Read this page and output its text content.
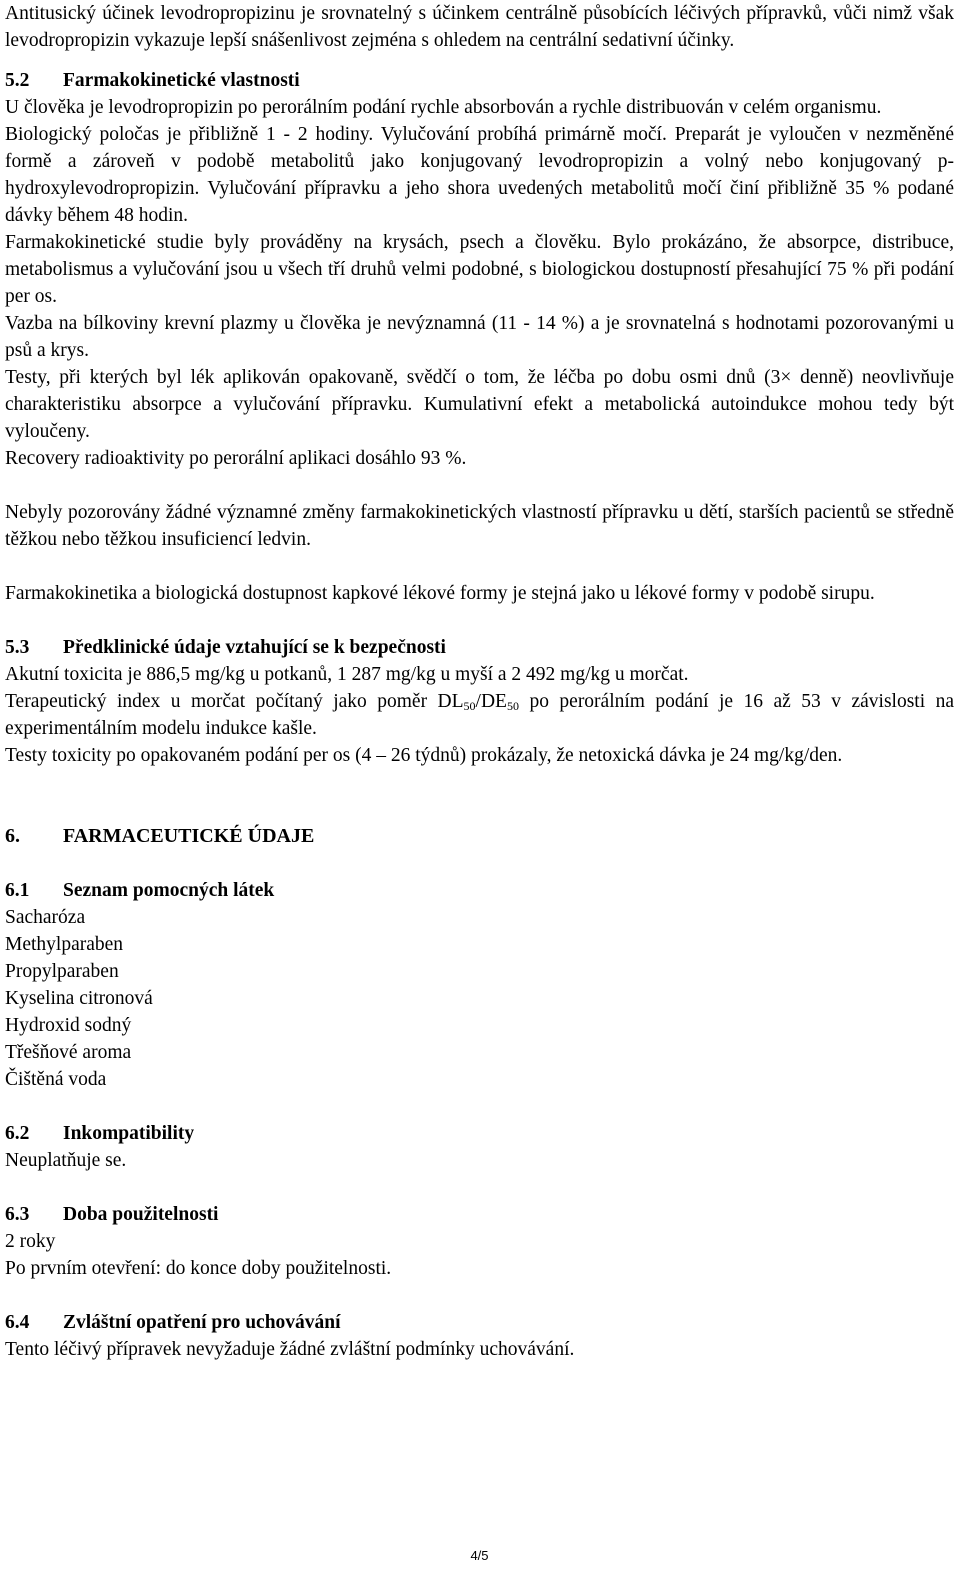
Antitusický účinek levodropropizinu je srovnatelný s účinkem centrálně působících léčivých přípravků, vůči nimž však levodropropizin vykazuje lepší snášenlivost zejména s ohledem na centrální sedativní účinky.

5.2 Farmakokinetické vlastnosti

U člověka je levodropropizin po perorálním podání rychle absorbován a rychle distribuován v celém organismu.

Biologický poločas je přibližně 1 - 2 hodiny. Vylučování probíhá primárně močí. Preparát je vyloučen v nezměněné formě a zároveň v podobě metabolitů jako konjugovaný levodropropizin a volný nebo konjugovaný p-hydroxylevodropropizin. Vylučování přípravku a jeho shora uvedených metabolitů močí činí přibližně 35 % podané dávky během 48 hodin.

Farmakokinetické studie byly prováděny na krysách, psech a člověku. Bylo prokázáno, že absorpce, distribuce, metabolismus a vylučování jsou u všech tří druhů velmi podobné, s biologickou dostupností přesahující 75 % při podání per os.

Vazba na bílkoviny krevní plazmy u člověka je nevýznamná (11 - 14 %) a je srovnatelná s hodnotami pozorovanými u psů a krys.

Testy, při kterých byl lék aplikován opakovaně, svědčí o tom, že léčba po dobu osmi dnů (3× denně) neovlivňuje charakteristiku absorpce a vylučování přípravku. Kumulativní efekt a metabolická autoindukce mohou tedy být vyloučeny.

Recovery radioaktivity po perorální aplikaci dosáhlo 93 %.

Nebyly pozorovány žádné významné změny farmakokinetických vlastností přípravku u dětí, starších pacientů se středně těžkou nebo těžkou insuficiencí ledvin.

Farmakokinetika a biologická dostupnost kapkové lékové formy je stejná jako u lékové formy v podobě sirupu.

5.3 Předklinické údaje vztahující se k bezpečnosti

Akutní toxicita je 886,5 mg/kg u potkanů, 1 287 mg/kg u myší a 2 492 mg/kg u morčat.

Terapeutický index u morčat počítaný jako poměr $DL_{50}/DE_{50}$ po perorálním podání je 16 až 53 v závislosti na experimentálním modelu indukce kašle.

Testy toxicity po opakovaném podání per os (4 – 26 týdnů) prokázaly, že netoxická dávka je 24 mg/kg/den.

6. FARMACEUTICKÉ ÚDAJE
6.1 Seznam pomocných látek
Sacharóza
Methylparaben
Propylparaben
Kyselina citronová
Hydroxid sodný
Třešňové aroma
Čištěná voda
6.2 Inkompatibility

Neuplatňuje se.

6.3 Doba použitelnosti

2 roky

Po prvním otevření: do konce doby použitelnosti.

6.4 Zvláštní opatření pro uchovávání

Tento léčivý přípravek nevyžaduje žádné zvláštní podmínky uchovávání.

4/5
